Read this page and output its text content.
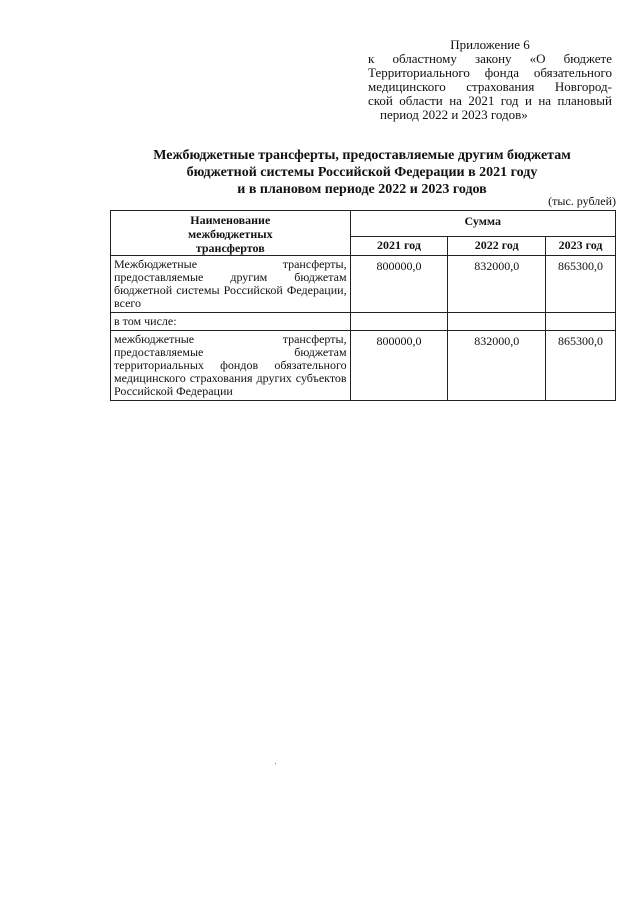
Приложение 6
к областному закону «О бюджете
Территориального фонда обязательного
медицинского страхования Новгород-
ской области на 2021 год и на плановый
период 2022 и 2023 годов»
Межбюджетные трансферты, предоставляемые другим бюджетам
бюджетной системы Российской Федерации в 2021 году
и в плановом периоде 2022 и 2023 годов
(тыс. рублей)
Наименование межбюджетных трансфертов	Сумма		
	2021 год	2022 год	2023 год
Межбюджетные трансферты, предоставляемые другим бюджетам бюджетной системы Российской Федерации, всего	800000,0	832000,0	865300,0
в том числе:			
межбюджетные трансферты, предоставляемые бюджетам территориальных фондов обязательного медицинского страхования других субъектов Российской Федерации	800000,0	832000,0	865300,0
